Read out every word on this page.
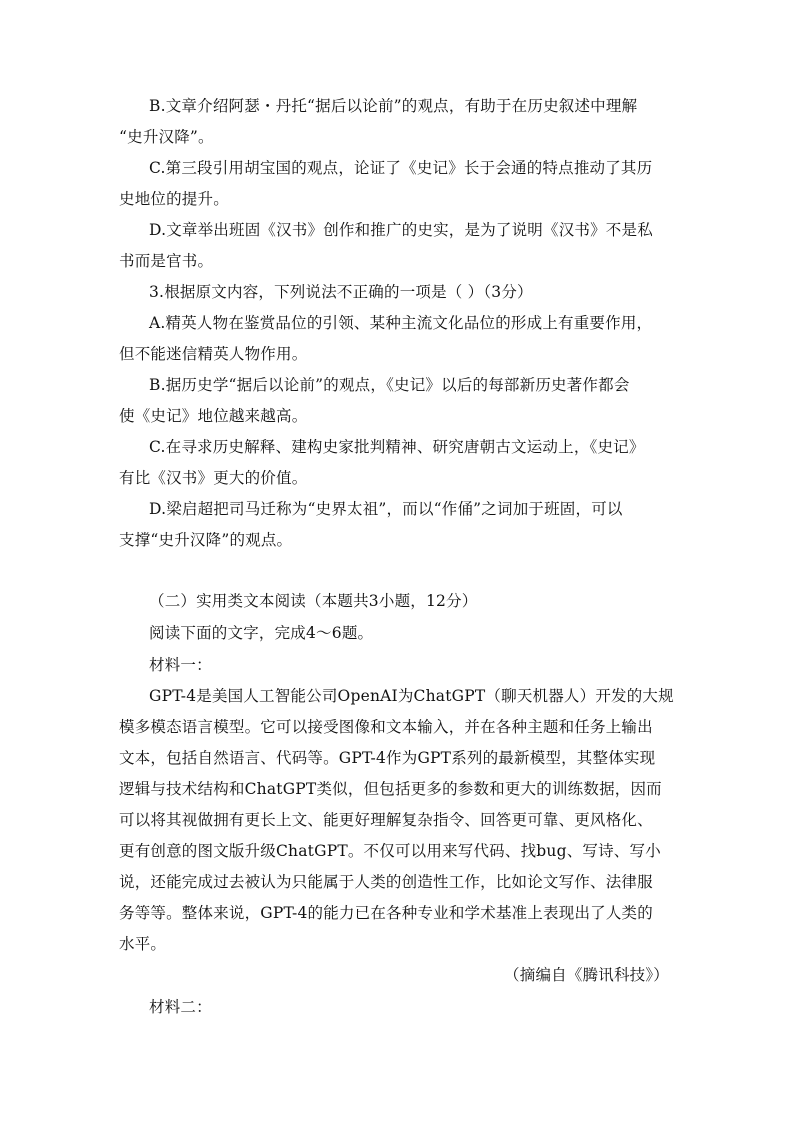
B.文章介绍阿瑟・丹托“据后以论前”的观点，有助于在历史叙述中理解
“史升汉降”。
C.第三段引用胡宝国的观点，论证了《史记》长于会通的特点推动了其历
史地位的提升。
D.文章举出班固《汉书》创作和推广的史实，是为了说明《汉书》不是私
书而是官书。
3.根据原文内容，下列说法不正确的一项是（ ）（3分）
A.精英人物在鉴赏品位的引领、某种主流文化品位的形成上有重要作用，
但不能迷信精英人物作用。
B.据历史学“据后以论前”的观点，《史记》以后的每部新历史著作都会
使《史记》地位越来越高。
C.在寻求历史解释、建构史家批判精神、研究唐朝古文运动上，《史记》
有比《汉书》更大的价值。
D.梁启超把司马迁称为“史界太祖”，而以“作俑”之词加于班固，可以
支撑“史升汉降”的观点。
（二）实用类文本阅读（本题共3小题，12分）
阅读下面的文字，完成4～6题。
材料一：
GPT-4是美国人工智能公司OpenAI为ChatGPT（聊天机器人）开发的大规
模多模态语言模型。它可以接受图像和文本输入，并在各种主题和任务上输出
文本，包括自然语言、代码等。GPT-4作为GPT系列的最新模型，其整体实现
逻辑与技术结构和ChatGPT类似，但包括更多的参数和更大的训练数据，因而
可以将其视做拥有更长上文、能更好理解复杂指令、回答更可靠、更风格化、
更有创意的图文版升级ChatGPT。不仅可以用来写代码、找bug、写诗、写小
说，还能完成过去被认为只能属于人类的创造性工作，比如论文写作、法律服
务等等。整体来说，GPT-4的能力已在各种专业和学术基准上表现出了人类的
水平。
（摘编自《腾讯科技》）
材料二：
